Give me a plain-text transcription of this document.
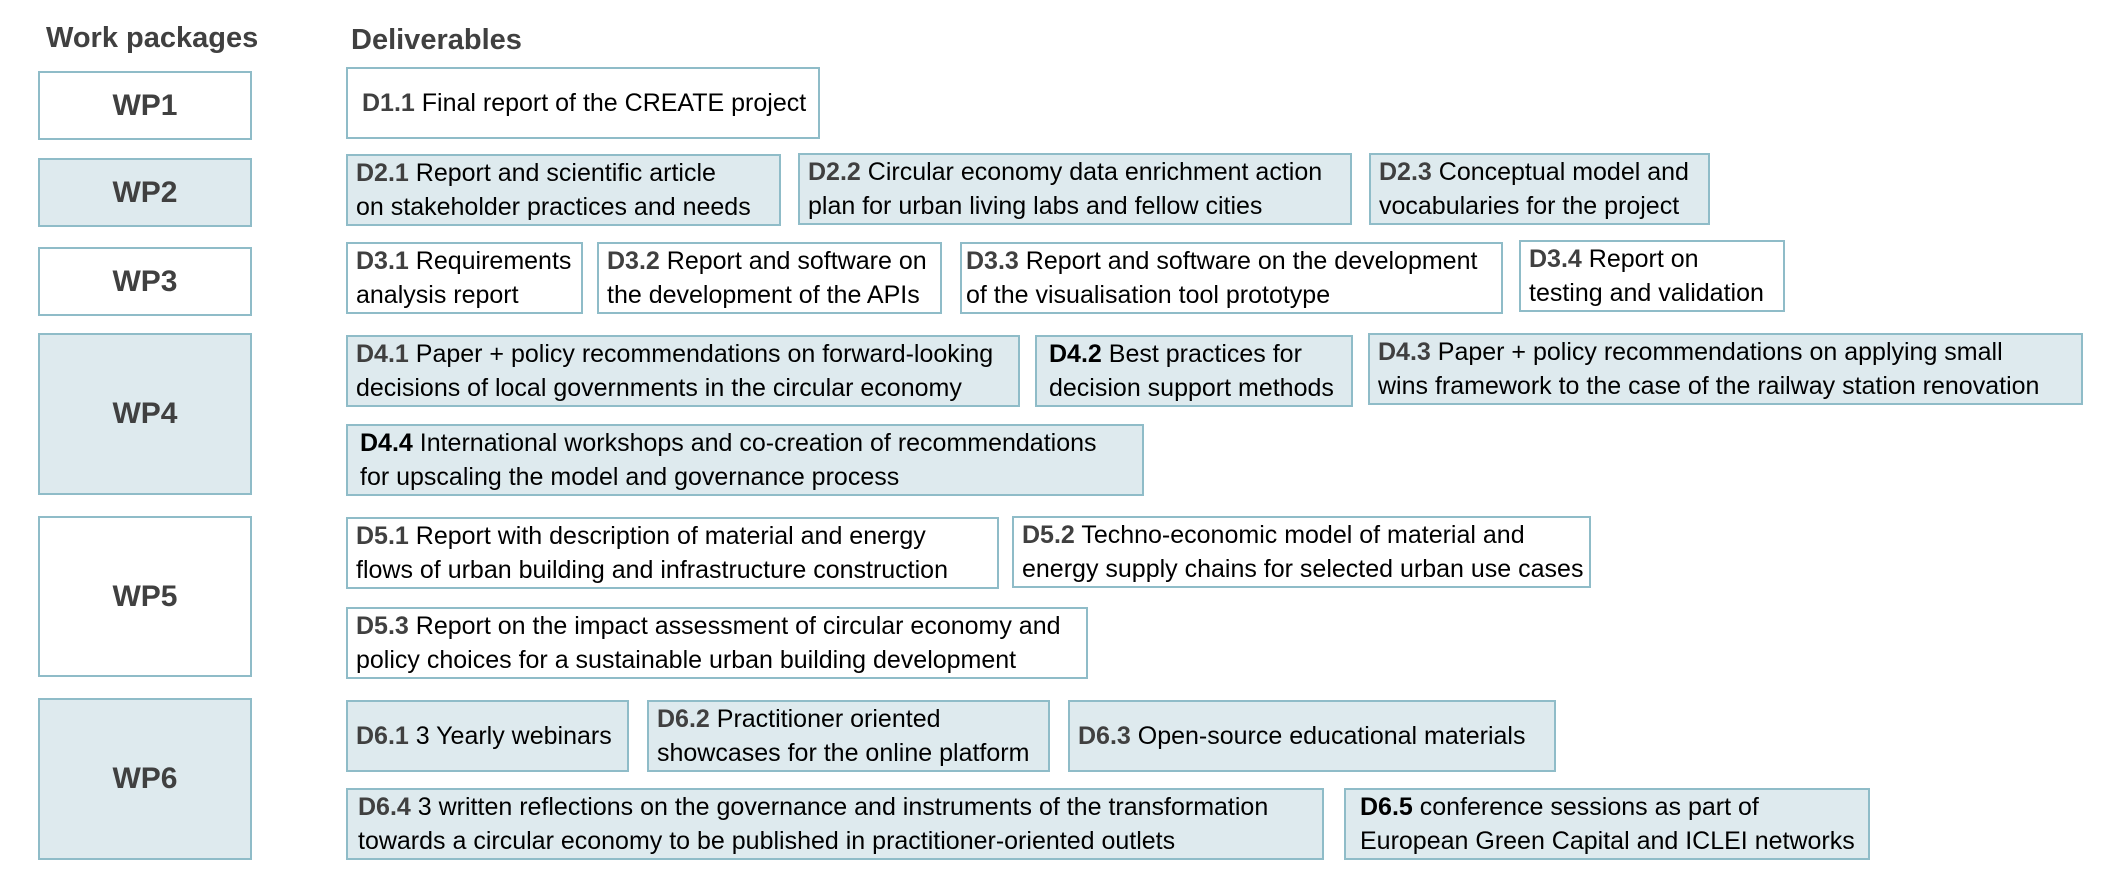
Work packages	Deliverables
WP1
WP2
WP3
WP4
WP5
WP6
D1.1 Final report of the CREATE project
D2.1 Report and scientific article
on stakeholder practices and needs
D2.2 Circular economy data enrichment action
plan for urban living labs and fellow cities
D2.3 Conceptual model and
vocabularies for the project
D3.1 Requirements
analysis report
D3.2 Report and software on
the development of the APIs
D3.3 Report and software on the development
of the visualisation tool prototype
D3.4 Report on
testing and validation
D4.1 Paper + policy recommendations on forward-looking
decisions of local governments in the circular economy
D4.2 Best practices for
decision support methods
D4.3 Paper + policy recommendations on applying small
wins framework to the case of the railway station renovation
D4.4 International workshops and co-creation of recommendations
for upscaling the model and governance process
D5.1 Report with description of material and energy
flows of urban building and infrastructure construction
D5.2 Techno-economic model of material and
energy supply chains for selected urban use cases
D5.3 Report on the impact assessment of circular economy and
policy choices for a sustainable urban building development
D6.1 3 Yearly webinars
D6.2 Practitioner oriented
showcases for the online platform
D6.3 Open-source educational materials
D6.4 3 written reflections on the governance and instruments of the transformation
towards a circular economy to be published in practitioner-oriented outlets
D6.5 conference sessions as part of
European Green Capital and ICLEI networks
